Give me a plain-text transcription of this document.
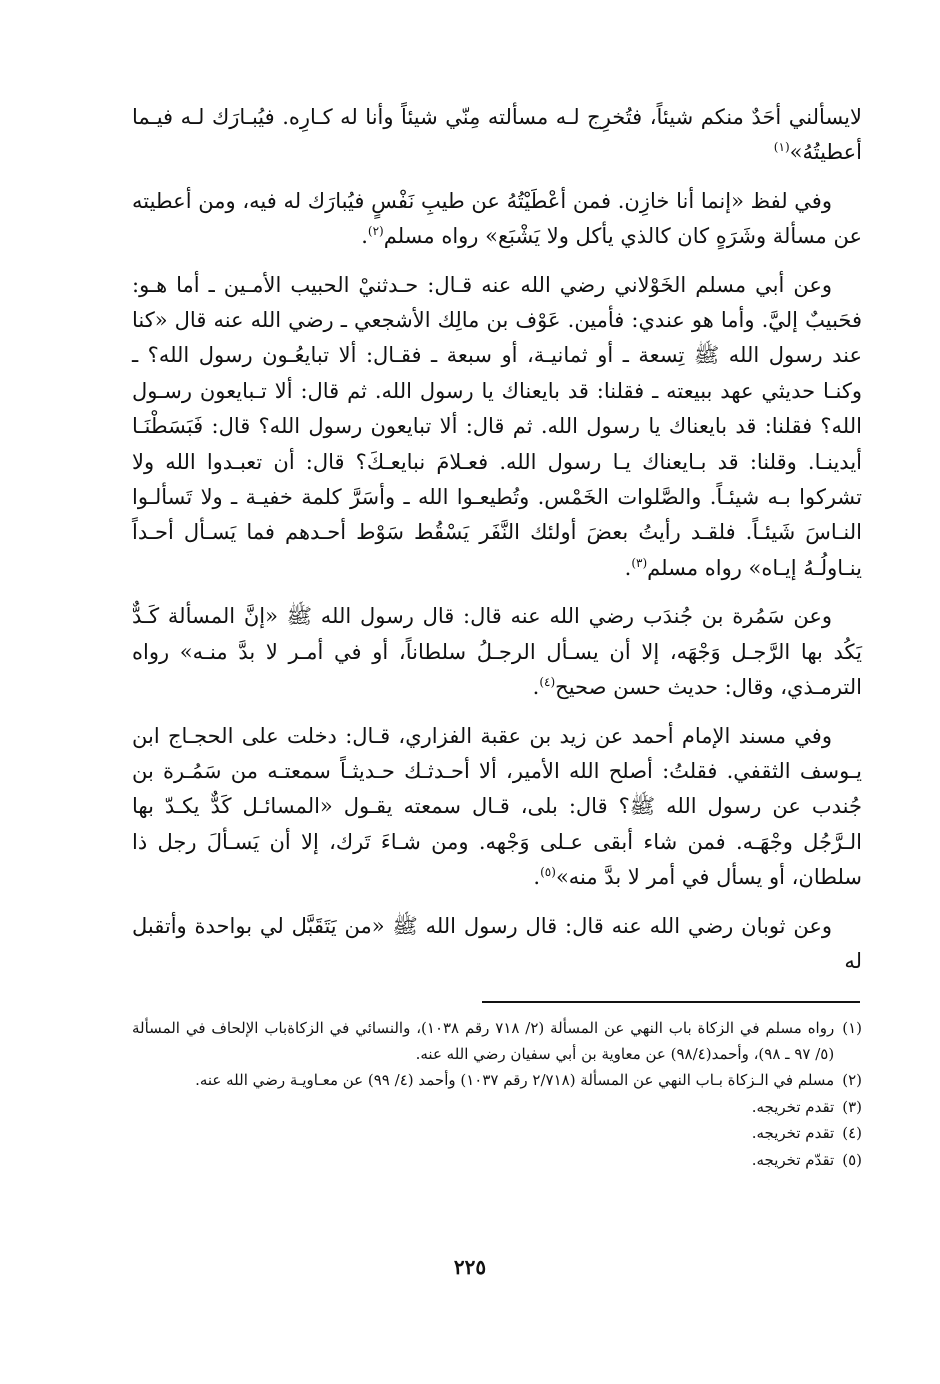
لايسألني أحَدٌ منكم شيئاً، فتُخرِج لـه مسألته مِنّي شيئاً وأنا له كـارِه. فيُبـارَك لـه فيـما أعطيتُهُ»$^{(١)}$

وفي لفظ «إنما أنا خازِن. فمن أعْطَيْتُهُ عن طيبِ نَفْسٍ فيُبارَك له فيه، ومن أعطيته عن مسألة وشَرَهٍ كان كالذي يأكل ولا يَشْبَع» رواه مسلم$^{(٢)}$.

وعن أبي مسلم الخَوْلاني رضي الله عنه قـال: حـدثنيْ الحبيب الأمـين ـ أما هـو: فحَبيبٌ إليَّ. وأما هو عندي: فأمين. عَوْف بن مالِك الأشجعي ـ رضي الله عنه قال «كنا عند رسول الله ﷺ تِسعة ـ أو ثمانيـة، أو سبعة ـ فقـال: ألا تبايعُـون رسول الله؟ ـ وكنـا حديثي عهد ببيعته ـ فقلنا: قد بايعناك يا رسول الله. ثم قال: ألا تـبايعون رسـول الله؟ فقلنا: قد بايعناك يا رسول الله. ثم قال: ألا تبايعون رسول الله؟ قال: فَبَسَطْنَـا أيدينـا. وقلنا: قد بـايعناك يـا رسول الله. فعـلامَ نبايعـكَ؟ قال: أن تعبـدوا الله ولا تشركوا بـه شيئـاً. والصَّلوات الخَمْس. وتُطيعـوا الله ـ وأسَرَّ كلمة خفيـة ـ ولا تَسألـوا النـاسَ شَيئـاً. فلقـد رأيتُ بعضَ أولئك النَّفَر يَسْقُط سَوْط أحـدهم فما يَسـأل أحـداً ينـاولُـهُ إيـاه» رواه مسلم$^{(٣)}$.

وعن سَمُرة بن جُندَب رضي الله عنه قال: قال رسول الله ﷺ «إنَّ المسألة كَـدٌّ يَكُد بها الرَّجـل وَجْهَه، إلا أن يسـأل الرجـلُ سلطاناً، أو في أمـر لا بدَّ منـه» رواه الترمـذي، وقال: حديث حسن صحيح$^{(٤)}$.

وفي مسند الإمام أحمد عن زيد بن عقبة الفزاري، قـال: دخلت على الحجـاج ابن يـوسف الثقفي. فقلتُ: أصلح الله الأمير، ألا أحـدثـك حـديثـاً سمعتـه من سَمُـرة بن جُندب عن رسول الله ﷺ؟ قال: بلى، قـال سمعته يقـول «المسائـل كَدٌّ يكـدّ بها الـرَّجُل وجْهَـه. فمن شاء أبقى عـلى وَجْهه. ومن شـاءَ تَرك، إلا أن يَسـألَ رجل ذا سلطان، أو يسأل في أمر لا بدَّ منه»$^{(٥)}$.

وعن ثوبان رضي الله عنه قال: قال رسول الله ﷺ «من يَتَقَبَّل لي بواحدة وأتقبل له

(١)
رواه مسلم في الزكاة باب النهي عن المسألة (٢/ ٧١٨ رقم ١٠٣٨)، والنسائي في الزكاةباب الإلحاف في المسألة (٥/ ٩٧ ـ ٩٨)، وأحمد(٩٨/٤) عن معاوية بن أبي سفيان رضي الله عنه.
(٢)
مسلم في الـزكاة بـاب النهي عن المسألة (٢/٧١٨ رقم ١٠٣٧) وأحمد (٤/ ٩٩) عن معـاويـة رضي الله عنه.
(٣)
تقدم تخريجه.
(٤)
تقدم تخريجه.
(٥)
تقدّم تخريجه.
٢٢٥
